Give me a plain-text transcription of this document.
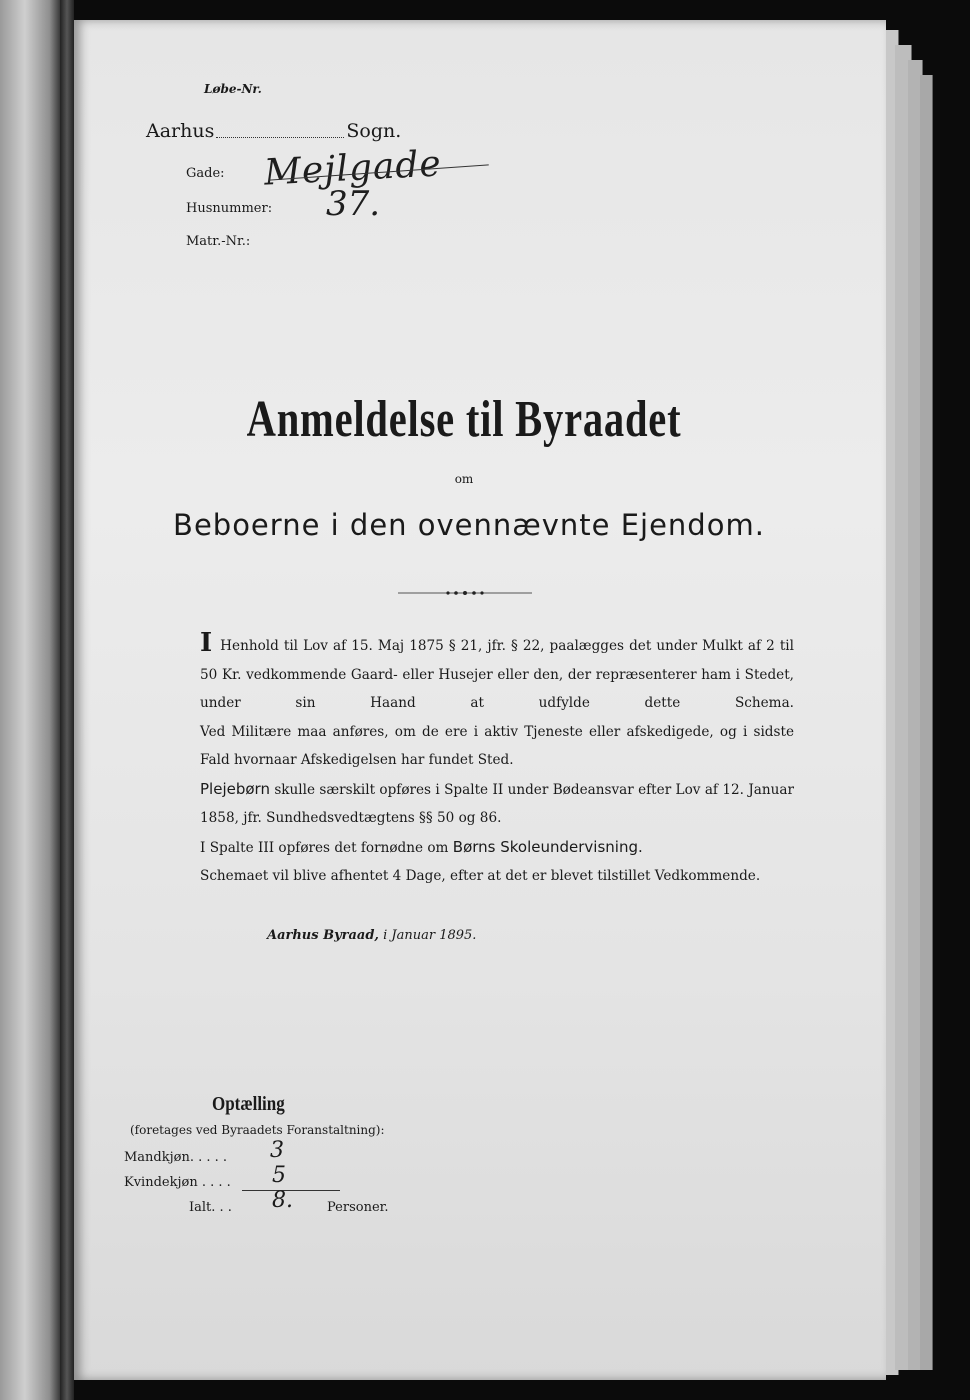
Løbe-Nr.
Aarhus	Sogn.
Gade: Mejlgade
Husnummer: 37.
Matr.-Nr.:
Anmeldelse til Byraadet
om
Beboerne i den ovennævnte Ejendom.

I Henhold til Lov af 15. Maj 1875 § 21, jfr. § 22, paalægges det under Mulkt af 2 til 50 Kr. vedkommende Gaard- eller Husejer eller den, der repræsenterer ham i Stedet, under sin Haand at udfylde dette Schema.

Ved Militære maa anføres, om de ere i aktiv Tjeneste eller afskedigede, og i sidste Fald hvornaar Afskedigelsen har fundet Sted.

Plejebørn skulle særskilt opføres i Spalte II under Bødeansvar efter Lov af 12. Januar 1858, jfr. Sundhedsvedtægtens §§ 50 og 86.

I Spalte III opføres det fornødne om Børns Skoleundervisning.

Schemaet vil blive afhentet 4 Dage, efter at det er blevet tilstillet Vedkommende.

Aarhus Byraad, i Januar 1895.
Optælling
(foretages ved Byraadets Foranstaltning):
Mandkjøn. . . . . 3
Kvindekjøn . . . . 5
Ialt. . . 8.	Personer.
